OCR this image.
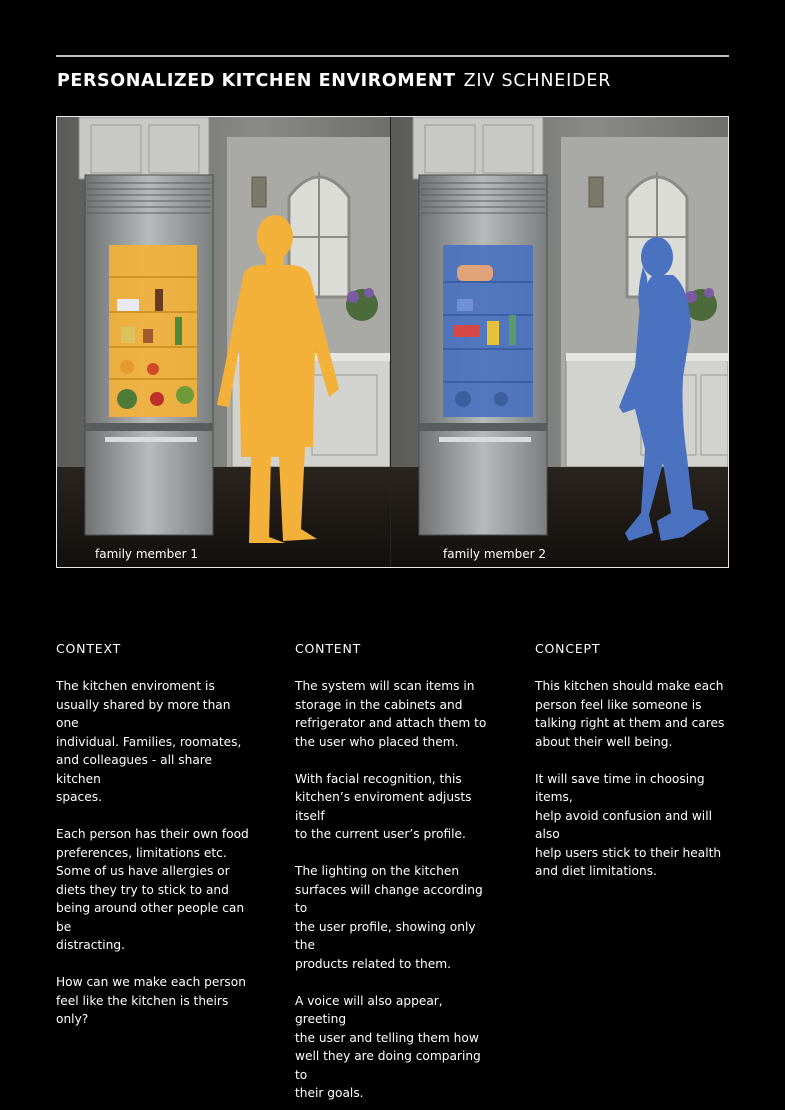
PERSONALIZED KITCHEN ENVIROMENT ZIV SCHNEIDER
family member 1	family member 2
CONTEXT

The kitchen enviroment is
usually shared by more than one
individual. Families, roomates,
and colleagues - all share kitchen
spaces.

Each person has their own food
preferences, limitations etc.
Some of us have allergies or
diets they try to stick to and
being around other people can be
distracting.

How can we make each person
feel like the kitchen is theirs only?

CONTENT

The system will scan items in
storage in the cabinets and
refrigerator and attach them to
the user who placed them.

With facial recognition, this
kitchen’s enviroment adjusts itself
to the current user’s profile.

The lighting on the kitchen
surfaces will change according to
the user profile, showing only the
products related to them.

A voice will also appear, greeting
the user and telling them how
well they are doing comparing to
their goals.

CONCEPT

This kitchen should make each
person feel like someone is
talking right at them and cares
about their well being.

It will save time in choosing items,
help avoid confusion and will also
help users stick to their health
and diet limitations.
